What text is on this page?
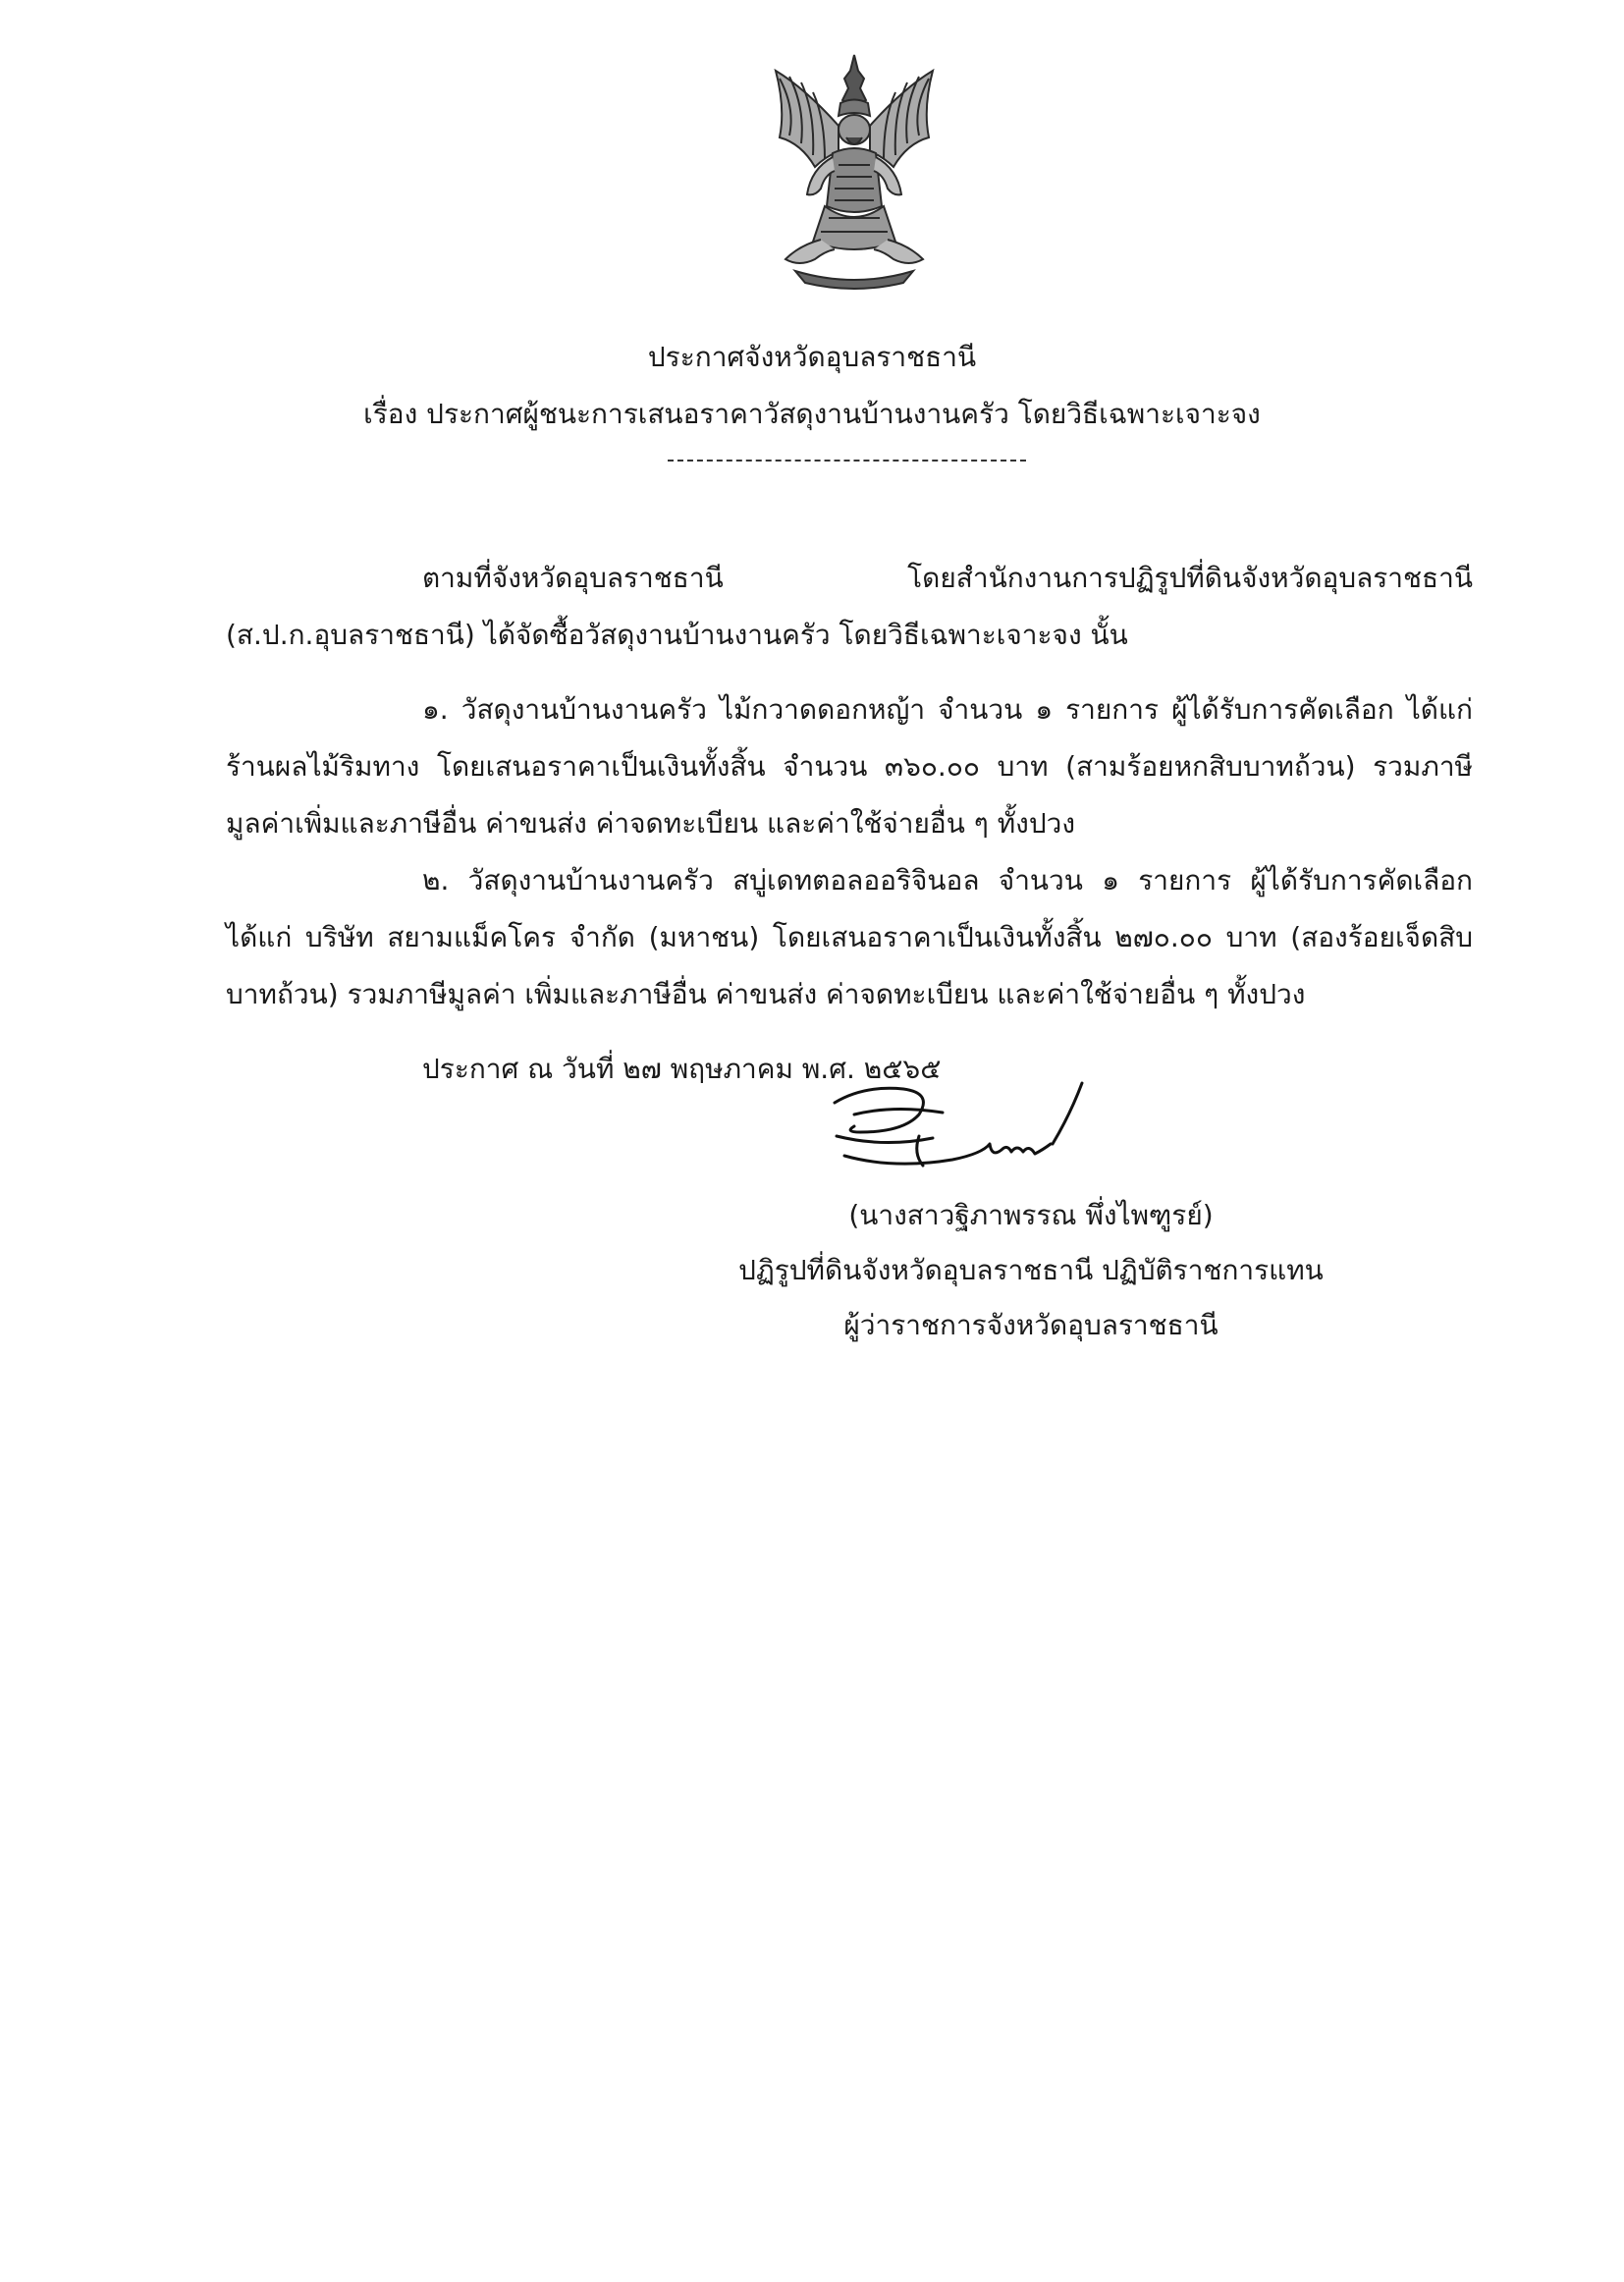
ประกาศจังหวัดอุบลราชธานี
เรื่อง ประกาศผู้ชนะการเสนอราคาวัสดุงานบ้านงานครัว โดยวิธีเฉพาะเจาะจง

ตามที่จังหวัดอุบลราชธานี โดยสำนักงานการปฏิรูปที่ดินจังหวัดอุบลราชธานี (ส.ป.ก.อุบลราชธานี) ได้จัดซื้อวัสดุงานบ้านงานครัว โดยวิธีเฉพาะเจาะจง นั้น

๑. วัสดุงานบ้านงานครัว ไม้กวาดดอกหญ้า จำนวน ๑ รายการ ผู้ได้รับการคัดเลือก ได้แก่ ร้านผลไม้ริมทาง โดยเสนอราคาเป็นเงินทั้งสิ้น จำนวน ๓๖๐.๐๐ บาท (สามร้อยหกสิบบาทถ้วน) รวมภาษีมูลค่าเพิ่มและภาษีอื่น ค่าขนส่ง ค่าจดทะเบียน และค่าใช้จ่ายอื่น ๆ ทั้งปวง

๒. วัสดุงานบ้านงานครัว สบู่เดทตอลออริจินอล จำนวน ๑ รายการ ผู้ได้รับการคัดเลือก ได้แก่ บริษัท สยามแม็คโคร จำกัด (มหาชน) โดยเสนอราคาเป็นเงินทั้งสิ้น ๒๗๐.๐๐ บาท (สองร้อยเจ็ดสิบบาทถ้วน) รวมภาษีมูลค่า เพิ่มและภาษีอื่น ค่าขนส่ง ค่าจดทะเบียน และค่าใช้จ่ายอื่น ๆ ทั้งปวง

ประกาศ ณ วันที่ ๒๗ พฤษภาคม พ.ศ. ๒๕๖๕

(นางสาวฐิภาพรรณ พึ่งไพฑูรย์)
ปฏิรูปที่ดินจังหวัดอุบลราชธานี ปฏิบัติราชการแทน
ผู้ว่าราชการจังหวัดอุบลราชธานี
